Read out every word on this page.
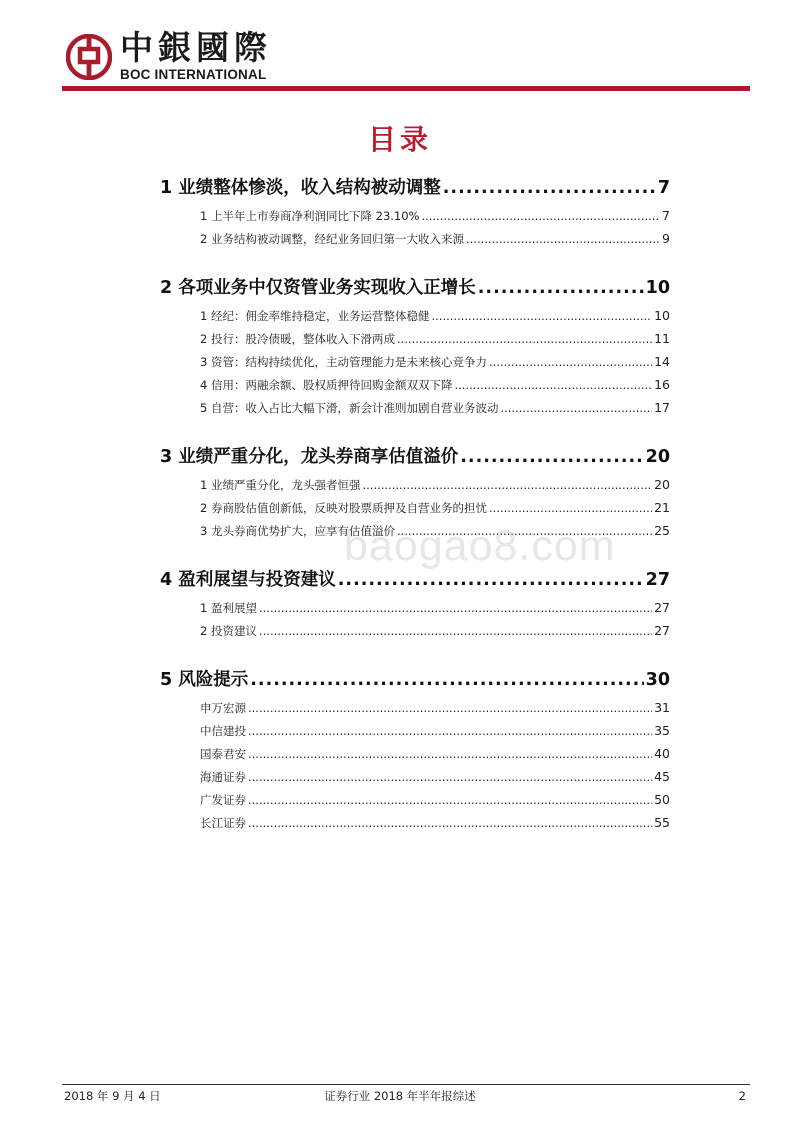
中銀國際

BOC INTERNATIONAL

目录
1 业绩整体惨淡，收入结构被动调整 .....	7
1 上半年上市券商净利润同比下降 23.10% .....	7
2 业务结构被动调整，经纪业务回归第一大收入来源 .....	9
2 各项业务中仅资管业务实现收入正增长 .....	10
1 经纪：佣金率维持稳定，业务运营整体稳健 .....	10
2 投行：股冷债暖，整体收入下滑两成 .....	11
3 资管：结构持续优化，主动管理能力是未来核心竞争力 .....	14
4 信用：两融余额、股权质押待回购金额双双下降 .....	16
5 自营：收入占比大幅下滑，新会计准则加剧自营业务波动 .....	17
3 业绩严重分化，龙头券商享估值溢价 .....	20
1 业绩严重分化，龙头强者恒强 .....	20
2 券商股估值创新低，反映对股票质押及自营业务的担忧 .....	21
3 龙头券商优势扩大，应享有估值溢价 .....	25
4 盈利展望与投资建议 .....	27
1 盈利展望 .....	27
2 投资建议 .....	27
5 风险提示 .....	30
申万宏源 .....	31
中信建投 .....	35
国泰君安 .....	40
海通证券 .....	45
广发证券 .....	50
长江证券 .....	55
baogao8.com
2018 年 9 月 4 日	证券行业 2018 年半年报综述	2
